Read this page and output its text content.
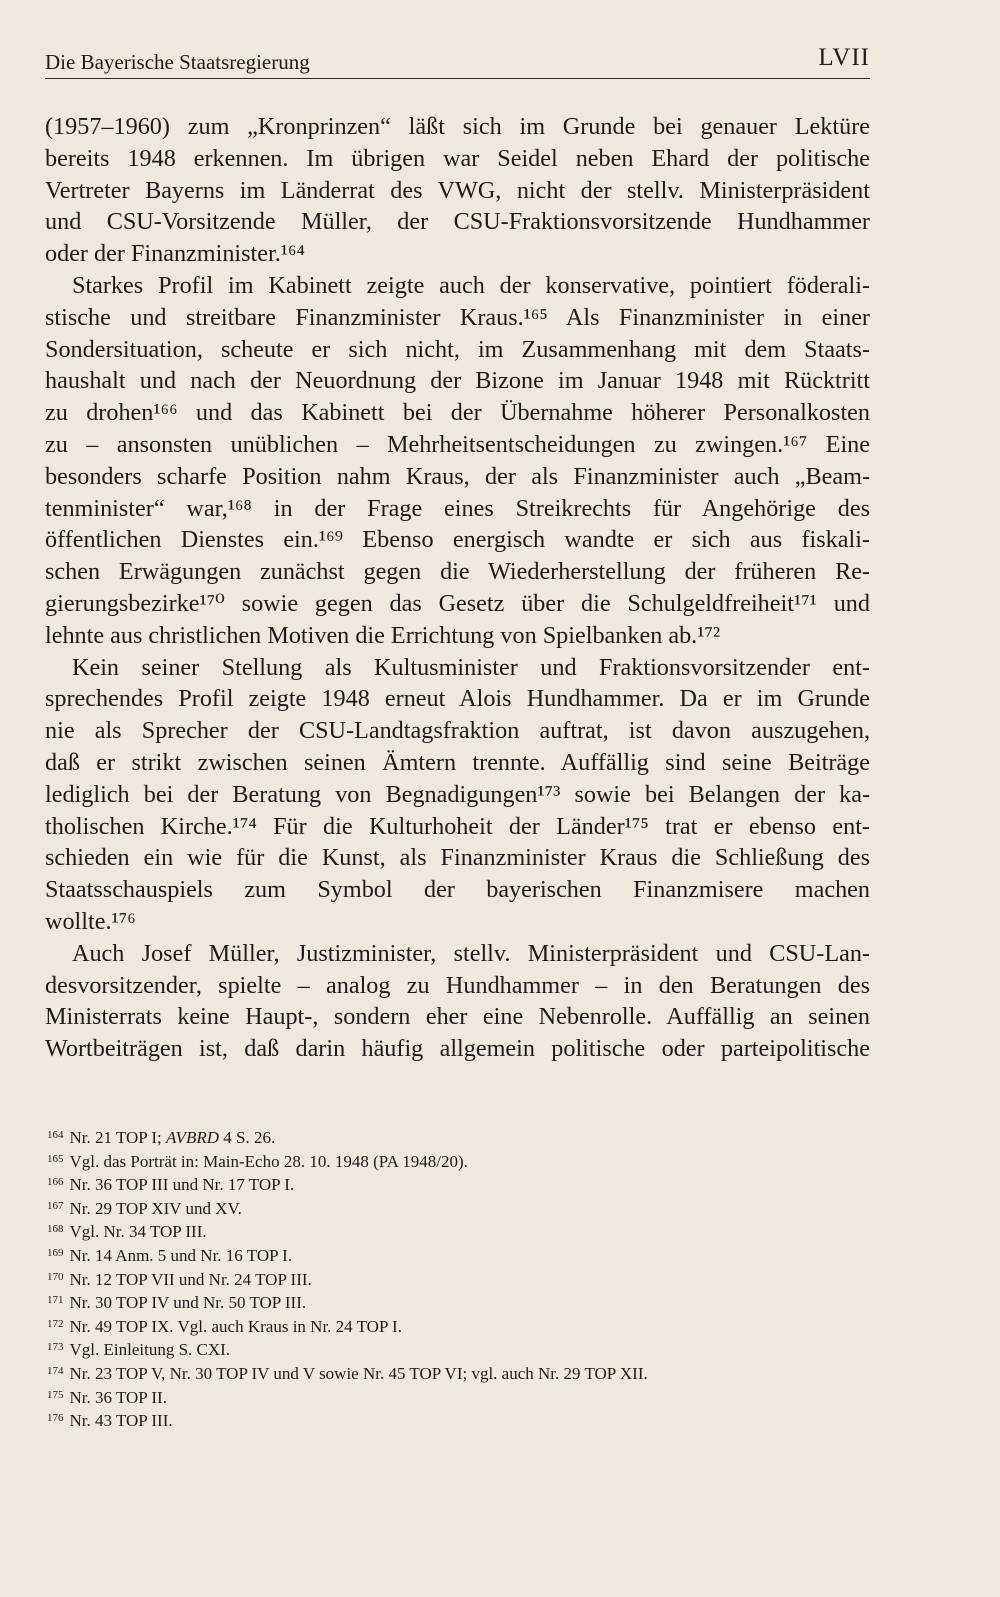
Die Bayerische Staatsregierung	LVII
(1957–1960) zum „Kronprinzen“ läßt sich im Grunde bei genauer Lektüre
bereits 1948 erkennen. Im übrigen war Seidel neben Ehard der politische
Vertreter Bayerns im Länderrat des VWG, nicht der stellv. Ministerpräsident
und CSU-Vorsitzende Müller, der CSU-Fraktionsvorsitzende Hundhammer
oder der Finanzminister.¹⁶⁴
Starkes Profil im Kabinett zeigte auch der konservative, pointiert föderali-
stische und streitbare Finanzminister Kraus.¹⁶⁵ Als Finanzminister in einer
Sondersituation, scheute er sich nicht, im Zusammenhang mit dem Staats-
haushalt und nach der Neuordnung der Bizone im Januar 1948 mit Rücktritt
zu drohen¹⁶⁶ und das Kabinett bei der Übernahme höherer Personalkosten
zu – ansonsten unüblichen – Mehrheitsentscheidungen zu zwingen.¹⁶⁷ Eine
besonders scharfe Position nahm Kraus, der als Finanzminister auch „Beam-
tenminister“ war,¹⁶⁸ in der Frage eines Streikrechts für Angehörige des
öffentlichen Dienstes ein.¹⁶⁹ Ebenso energisch wandte er sich aus fiskali-
schen Erwägungen zunächst gegen die Wiederherstellung der früheren Re-
gierungsbezirke¹⁷⁰ sowie gegen das Gesetz über die Schulgeldfreiheit¹⁷¹ und
lehnte aus christlichen Motiven die Errichtung von Spielbanken ab.¹⁷²
Kein seiner Stellung als Kultusminister und Fraktionsvorsitzender ent-
sprechendes Profil zeigte 1948 erneut Alois Hundhammer. Da er im Grunde
nie als Sprecher der CSU-Landtagsfraktion auftrat, ist davon auszugehen,
daß er strikt zwischen seinen Ämtern trennte. Auffällig sind seine Beiträge
lediglich bei der Beratung von Begnadigungen¹⁷³ sowie bei Belangen der ka-
tholischen Kirche.¹⁷⁴ Für die Kulturhoheit der Länder¹⁷⁵ trat er ebenso ent-
schieden ein wie für die Kunst, als Finanzminister Kraus die Schließung des
Staatsschauspiels zum Symbol der bayerischen Finanzmisere machen
wollte.¹⁷⁶
Auch Josef Müller, Justizminister, stellv. Ministerpräsident und CSU-Lan-
desvorsitzender, spielte – analog zu Hundhammer – in den Beratungen des
Ministerrats keine Haupt-, sondern eher eine Nebenrolle. Auffällig an seinen
Wortbeiträgen ist, daß darin häufig allgemein politische oder parteipolitische
$^{164}$ Nr. 21 TOP I; AVBRD 4 S. 26.
$^{165}$ Vgl. das Porträt in: Main-Echo 28. 10. 1948 (PA 1948/20).
$^{166}$ Nr. 36 TOP III und Nr. 17 TOP I.
$^{167}$ Nr. 29 TOP XIV und XV.
$^{168}$ Vgl. Nr. 34 TOP III.
$^{169}$ Nr. 14 Anm. 5 und Nr. 16 TOP I.
$^{170}$ Nr. 12 TOP VII und Nr. 24 TOP III.
$^{171}$ Nr. 30 TOP IV und Nr. 50 TOP III.
$^{172}$ Nr. 49 TOP IX. Vgl. auch Kraus in Nr. 24 TOP I.
$^{173}$ Vgl. Einleitung S. CXI.
$^{174}$ Nr. 23 TOP V, Nr. 30 TOP IV und V sowie Nr. 45 TOP VI; vgl. auch Nr. 29 TOP XII.
$^{175}$ Nr. 36 TOP II.
$^{176}$ Nr. 43 TOP III.
